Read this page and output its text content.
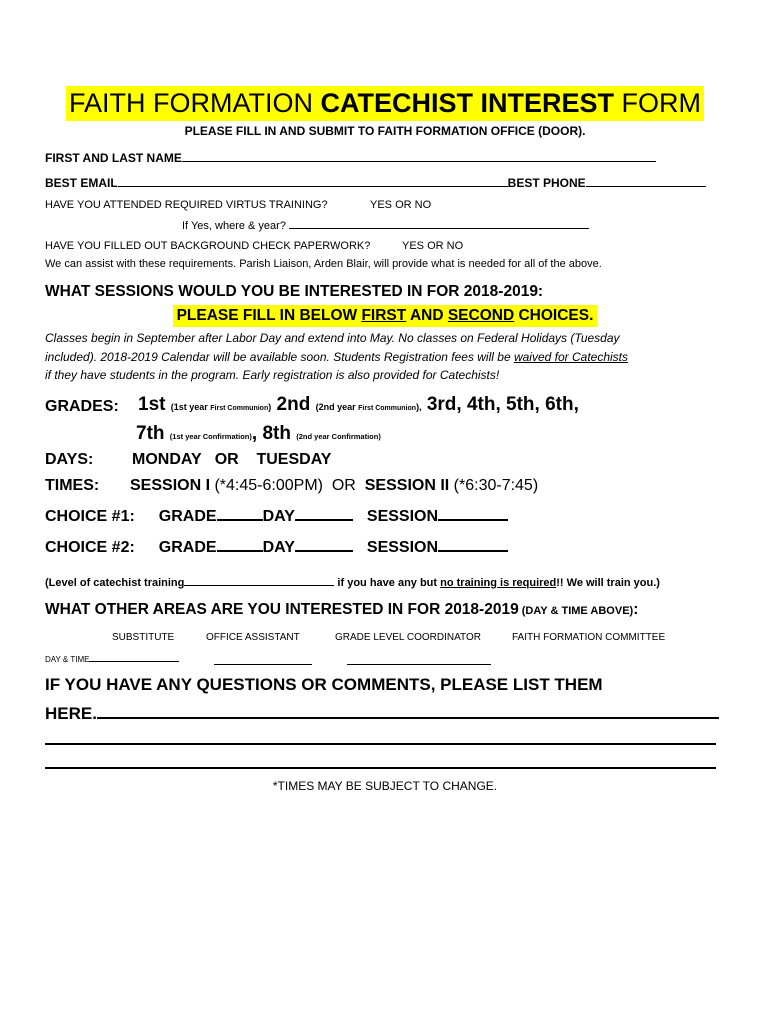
FAITH FORMATION CATECHIST INTEREST FORM
PLEASE FILL IN AND SUBMIT TO FAITH FORMATION OFFICE (DOOR).
FIRST AND LAST NAME
BEST EMAIL	BEST PHONE
HAVE YOU ATTENDED REQUIRED VIRTUS TRAINING?	YES OR NO
If Yes, where & year?
HAVE YOU FILLED OUT BACKGROUND CHECK PAPERWORK?	YES OR NO
We can assist with these requirements. Parish Liaison, Arden Blair, will provide what is needed for all of the above.
WHAT SESSIONS WOULD YOU BE INTERESTED IN FOR 2018-2019:
PLEASE FILL IN BELOW FIRST AND SECOND CHOICES.
Classes begin in September after Labor Day and extend into May. No classes on Federal Holidays (Tuesday
included). 2018-2019 Calendar will be available soon. Students Registration fees will be waived for Catechists
if they have students in the program. Early registration is also provided for Catechists!
GRADES: 1st (1st year First Communion) 2nd (2nd year First Communion), 3rd, 4th, 5th, 6th,
7th (1st year Confirmation), 8th (2nd year Confirmation)
DAYS: MONDAY   OR    TUESDAY
TIMES: SESSION I (*4:45-6:00PM)  OR  SESSION II (*6:30-7:45)
CHOICE #1: GRADE	DAY	SESSION
CHOICE #2: GRADE	DAY	SESSION
(Level of catechist training	if you have any but no training is required!! We will train you.)
WHAT OTHER AREAS ARE YOU INTERESTED IN FOR 2018-2019 (DAY & TIME ABOVE):
SUBSTITUTE	OFFICE ASSISTANT	GRADE LEVEL COORDINATOR	FAITH FORMATION COMMITTEE
DAY & TIME
IF YOU HAVE ANY QUESTIONS OR COMMENTS, PLEASE LIST THEM
HERE.
*TIMES MAY BE SUBJECT TO CHANGE.
